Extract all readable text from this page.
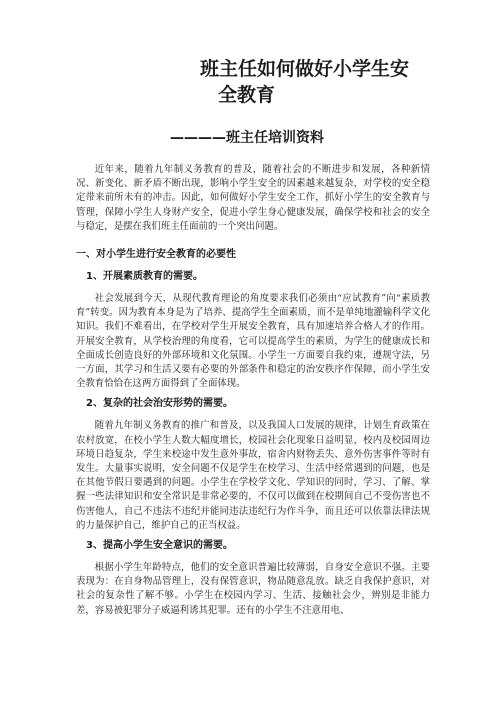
班主任如何做好小学生安
全教育
————班主任培训资料

近年来，随着九年制义务教育的普及，随着社会的不断进步和发展，各种新情况、新变化、新矛盾不断出现，影响小学生安全的因素越来越复杂，对学校的安全稳定带来前所未有的冲击。因此，如何做好小学生安全工作，抓好小学生的安全教育与管理，保障小学生人身财产安全，促进小学生身心健康发展，确保学校和社会的安全与稳定，是摆在我们班主任面前的一个突出问题。

一、对小学生进行安全教育的必要性
1、开展素质教育的需要。

社会发展到今天，从现代教育理论的角度要求我们必须由“应试教育”向“素质教育”转变。因为教育本身是为了培养、提高学生全面素质，而不是单纯地灌输科学文化知识。我们不难看出，在学校对学生开展安全教育，具有加速培养合格人才的作用。开展安全教育，从学校治理的角度看，它可以提高学生的素质，为学生的健康成长和全面成长创造良好的外部环境和文化氛围。小学生一方面要自我约束，遵规守法，另一方面，其学习和生活又要有必要的外部条件和稳定的治安秩序作保障，而小学生安全教育恰恰在这两方面得到了全面体现。

2、复杂的社会治安形势的需要。

随着九年制义务教育的推广和普及，以及我国人口发展的规律，计划生育政策在农村放宽，在校小学生人数大幅度增长，校园社会化现象日益明显，校内及校园周边环境日趋复杂，学生来校途中发生意外事故，宿舍内财物丢失、意外伤害事件等时有发生。大量事实说明，安全问题不仅是学生在校学习、生活中经常遇到的问题，也是在其他节假日要遇到的问题。小学生在学校学文化、学知识的同时，学习、了解、掌握一些法律知识和安全常识是非常必要的，不仅可以做到在校期间自己不受伤害也不伤害他人，自己不违法不违纪并能同违法违纪行为作斗争，而且还可以依靠法律法规的力量保护自己，维护自己的正当权益。

3、提高小学生安全意识的需要。

根据小学生年龄特点，他们的安全意识普遍比较薄弱，自身安全意识不强。主要表现为：在自身物品管理上，没有保管意识，物品随意乱放。缺乏自我保护意识，对社会的复杂性了解不够。小学生在校园内学习、生活、接触社会少，辨别是非能力差，容易被犯罪分子威逼利诱其犯罪。还有的小学生不注意用电、
